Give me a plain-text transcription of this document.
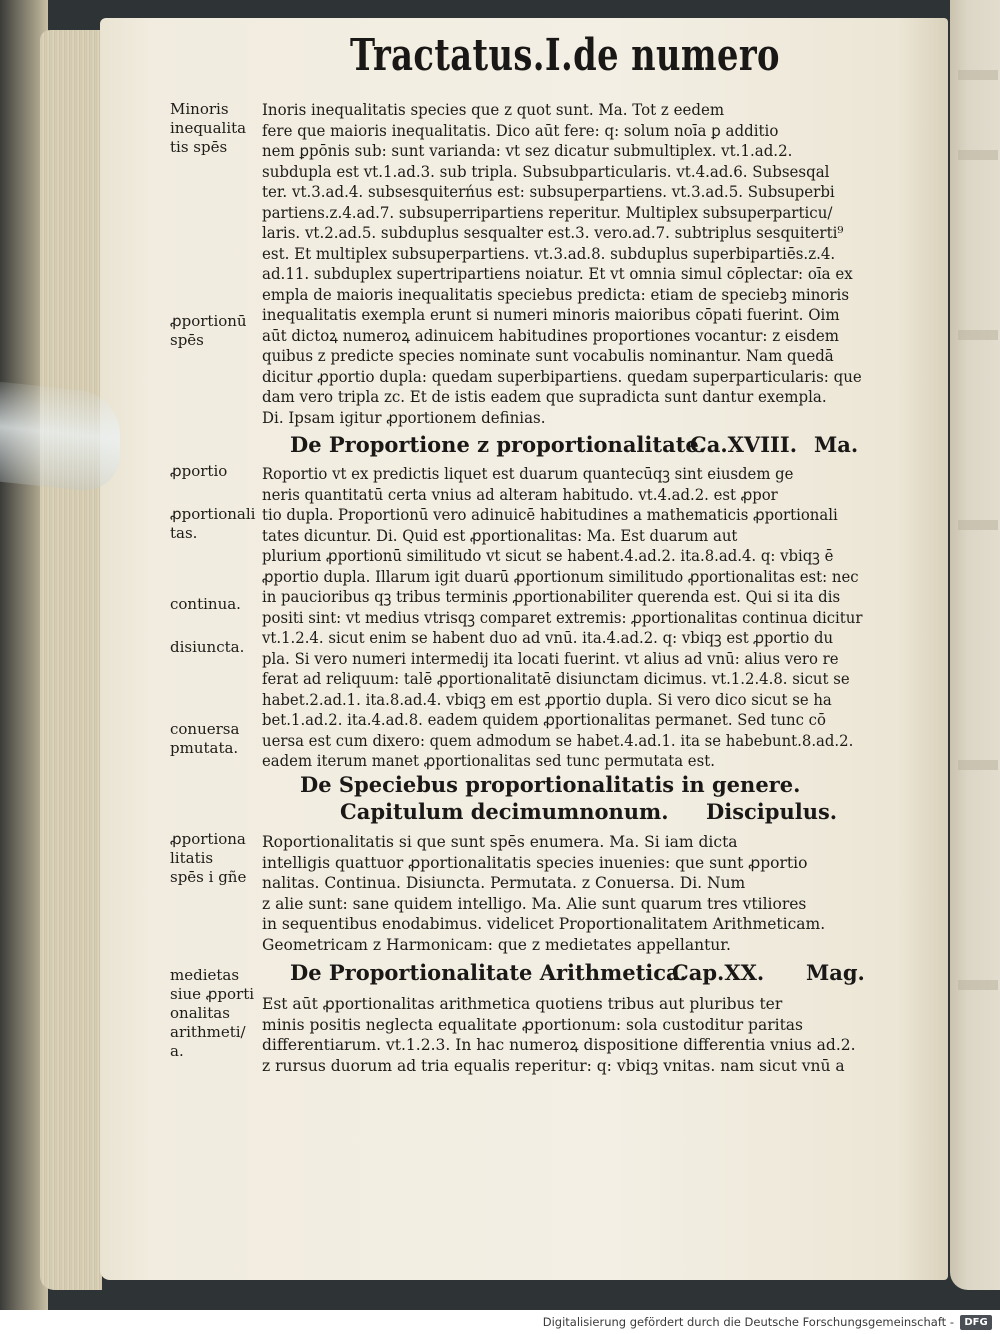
Tractatus.I.de numero
Minoris
inequalita
tis spēs
ꝓportionū
spēs
ꝓportio
ꝓportionali
tas.
continua.
disiuncta.
conuersa
pmutata.
ꝓportiona
litatis
spēs i gñe
medietas
siue ꝓporti
onalitas
arithmeti/
a.
Inoris inequalitatis species que z quot sunt. Ma. Tot z eedem
fere que maioris inequalitatis. Dico aūt fere: q: solum noīa ꝑ additio
nem ꝑpōnis sub: sunt varianda: vt sez dicatur submultiplex. vt.1.ad.2.
subdupla est vt.1.ad.3. sub tripla. Subsubparticularis. vt.4.ad.6. Subsesqal
ter. vt.3.ad.4. subsesquiterńus est: subsuperpartiens. vt.3.ad.5. Subsuperbi
partiens.z.4.ad.7. subsuperripartiens reperitur. Multiplex subsuperparticu/
laris. vt.2.ad.5. subduplus sesqualter est.3. vero.ad.7. subtriplus sesquiterti⁹
est. Et multiplex subsuperpartiens. vt.3.ad.8. subduplus superbipartiēs.z.4.
ad.11. subduplex supertripartiens noiatur. Et vt omnia simul cōplectar: oīa ex
empla de maioris inequalitatis speciebus predicta: etiam de speciebꝫ minoris
inequalitatis exempla erunt si numeri minoris maioribus cōpati fuerint. Oim
aūt dictoꝝ numeroꝝ adinuicem habitudines proportiones vocantur: z eisdem
quibus z predicte species nominate sunt vocabulis nominantur. Nam quedā
dicitur ꝓportio dupla: quedam superbipartiens. quedam superparticularis: que
dam vero tripla zc. Et de istis eadem que supradicta sunt dantur exempla.
Di. Ipsam igitur ꝓportionem definias.
De Proportione z proportionalitate.
Ca.XVIII. Ma.
Roportio vt ex predictis liquet est duarum quantecūqꝫ sint eiusdem ge
neris quantitatū certa vnius ad alteram habitudo. vt.4.ad.2. est ꝓpor
tio dupla. Proportionū vero adinuicē habitudines a mathematicis ꝓportionali
tates dicuntur. Di. Quid est ꝓportionalitas: Ma. Est duarum aut
plurium ꝓportionū similitudo vt sicut se habent.4.ad.2. ita.8.ad.4. q: vbiqꝫ ē
ꝓportio dupla. Illarum igit duarū ꝓportionum similitudo ꝓportionalitas est: nec
in paucioribus qꝫ tribus terminis ꝓportionabiliter querenda est. Qui si ita dis
positi sint: vt medius vtrisqꝫ comparet extremis: ꝓportionalitas continua dicitur
vt.1.2.4. sicut enim se habent duo ad vnū. ita.4.ad.2. q: vbiqꝫ est ꝓportio du
pla. Si vero numeri intermedij ita locati fuerint. vt alius ad vnū: alius vero re
ferat ad reliquum: talē ꝓportionalitatē disiunctam dicimus. vt.1.2.4.8. sicut se
habet.2.ad.1. ita.8.ad.4. vbiqꝫ em est ꝓportio dupla. Si vero dico sicut se ha
bet.1.ad.2. ita.4.ad.8. eadem quidem ꝓportionalitas permanet. Sed tunc cō
uersa est cum dixero: quem admodum se habet.4.ad.1. ita se habebunt.8.ad.2.
eadem iterum manet ꝓportionalitas sed tunc permutata est.
De Speciebus proportionalitatis in genere.
Capitulum decimumnonum. Discipulus.
Roportionalitatis si que sunt spēs enumera. Ma. Si iam dicta
intelligis quattuor ꝓportionalitatis species inuenies: que sunt ꝓportio
nalitas. Continua. Disiuncta. Permutata. z Conuersa. Di. Num
z alie sunt: sane quidem intelligo. Ma. Alie sunt quarum tres vtiliores
in sequentibus enodabimus. videlicet Proportionalitatem Arithmeticam.
Geometricam z Harmonicam: que z medietates appellantur.
De Proportionalitate Arithmetica.
Cap.XX. Mag.
Est aūt ꝓportionalitas arithmetica quotiens tribus aut pluribus ter
minis positis neglecta equalitate ꝓportionum: sola custoditur paritas
differentiarum. vt.1.2.3. In hac numeroꝝ dispositione differentia vnius ad.2.
z rursus duorum ad tria equalis reperitur: q: vbiqꝫ vnitas. nam sicut vnū a
Digitalisierung gefördert durch die Deutsche Forschungsgemeinschaft -	DFG
